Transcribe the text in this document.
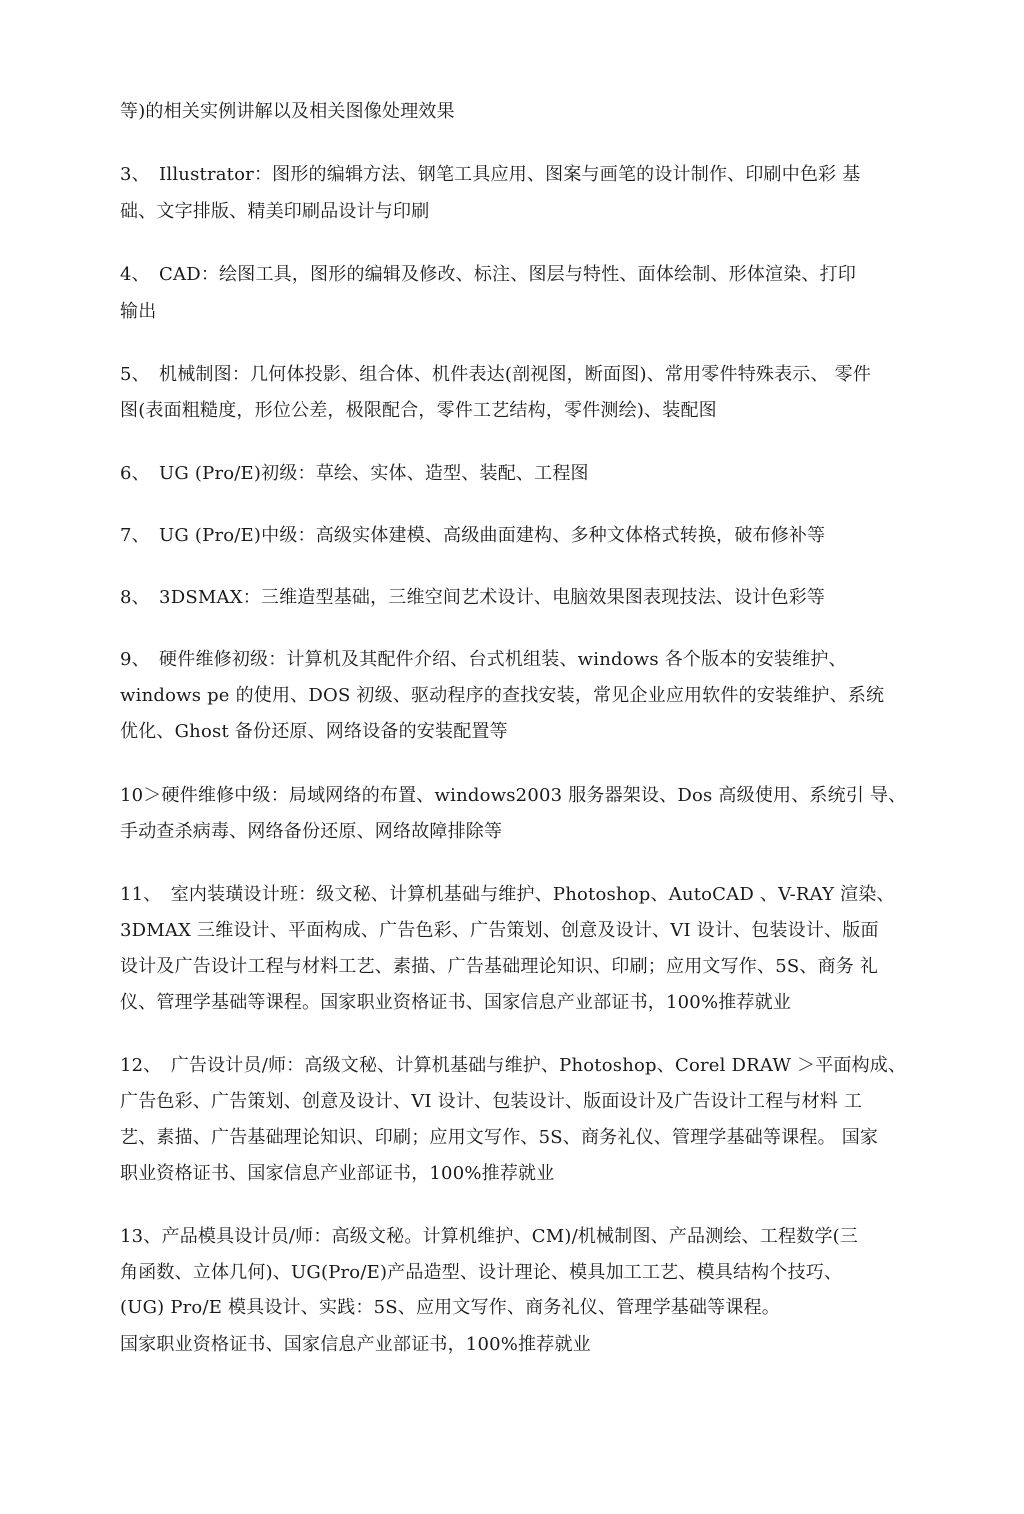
等)的相关实例讲解以及相关图像处理效果
3、　Illustrator：图形的编辑方法、钢笔工具应用、图案与画笔的设计制作、印刷中色彩 基
础、文字排版、精美印刷品设计与印刷
4、　CAD：绘图工具，图形的编辑及修改、标注、图层与特性、面体绘制、形体渲染、打印
输出
5、　机械制图：几何体投影、组合体、机件表达(剖视图，断面图)、常用零件特殊表示、 零件
图(表面粗糙度，形位公差，极限配合，零件工艺结构，零件测绘)、装配图
6、　UG (Pro/E)初级：草绘、实体、造型、装配、工程图
7、　UG (Pro/E)中级：高级实体建模、高级曲面建构、多种文体格式转换，破布修补等
8、　3DSMAX：三维造型基础，三维空间艺术设计、电脑效果图表现技法、设计色彩等
9、　硬件维修初级：计算机及其配件介绍、台式机组装、windows 各个版本的安装维护、
windows pe 的使用、DOS 初级、驱动程序的查找安装，常见企业应用软件的安装维护、系统
优化、Ghost 备份还原、网络设备的安装配置等
10＞硬件维修中级：局域网络的布置、windows2003 服务器架设、Dos 高级使用、系统引 导、
手动查杀病毒、网络备份还原、网络故障排除等
11、　室内装璜设计班：级文秘、计算机基础与维护、Photoshop、AutoCAD 、V-RAY 渲染、
3DMAX 三维设计、平面构成、广告色彩、广告策划、创意及设计、VI 设计、包装设计、版面
设计及广告设计工程与材料工艺、素描、广告基础理论知识、印刷；应用文写作、5S、商务 礼
仪、管理学基础等课程。国家职业资格证书、国家信息产业部证书，100%推荐就业
12、　广告设计员/师：高级文秘、计算机基础与维护、Photoshop、Corel DRAW ＞平面构成、
广告色彩、广告策划、创意及设计、VI 设计、包装设计、版面设计及广告设计工程与材料 工
艺、素描、广告基础理论知识、印刷；应用文写作、5S、商务礼仪、管理学基础等课程。 国家
职业资格证书、国家信息产业部证书，100%推荐就业
13、产品模具设计员/师：高级文秘。计算机维护、CM)/机械制图、产品测绘、工程数学(三
角函数、立体几何)、UG(Pro/E)产品造型、设计理论、模具加工工艺、模具结构个技巧、
(UG) Pro/E 模具设计、实践：5S、应用文写作、商务礼仪、管理学基础等课程。
国家职业资格证书、国家信息产业部证书，100%推荐就业
